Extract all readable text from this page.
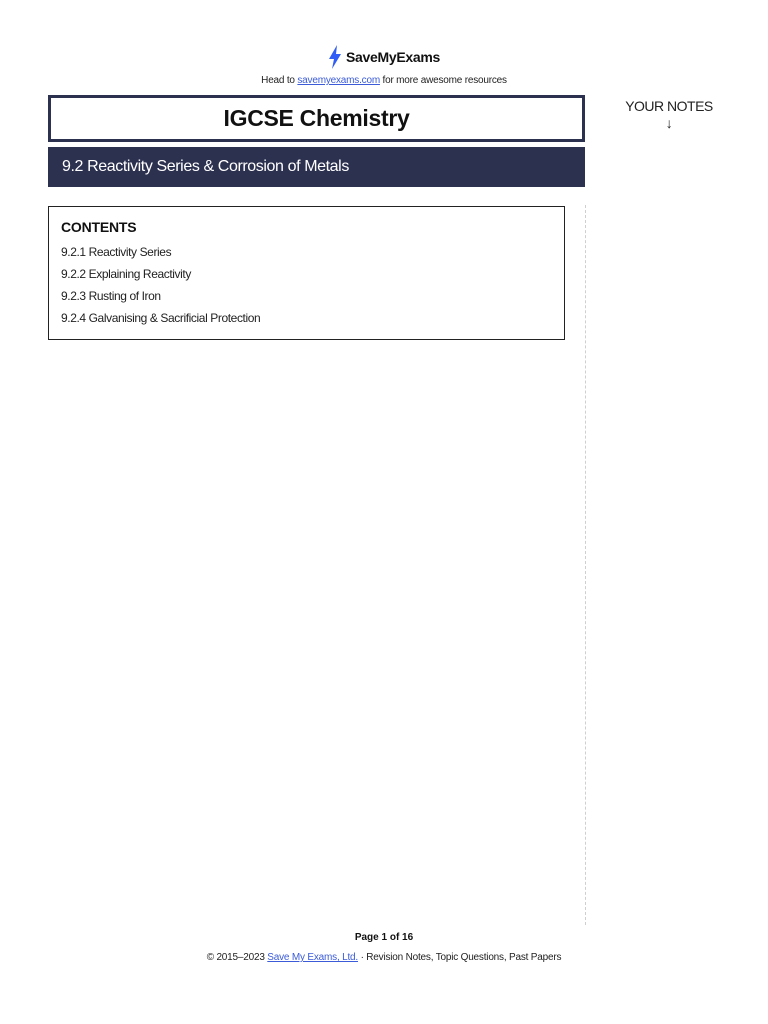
SaveMyExams
Head to savemyexams.com for more awesome resources
IGCSE Chemistry
9.2 Reactivity Series & Corrosion of Metals
YOUR NOTES
↓
CONTENTS
9.2.1 Reactivity Series
9.2.2 Explaining Reactivity
9.2.3 Rusting of Iron
9.2.4 Galvanising & Sacrificial Protection
Page 1 of 16
© 2015–2023 Save My Exams, Ltd. · Revision Notes, Topic Questions, Past Papers
